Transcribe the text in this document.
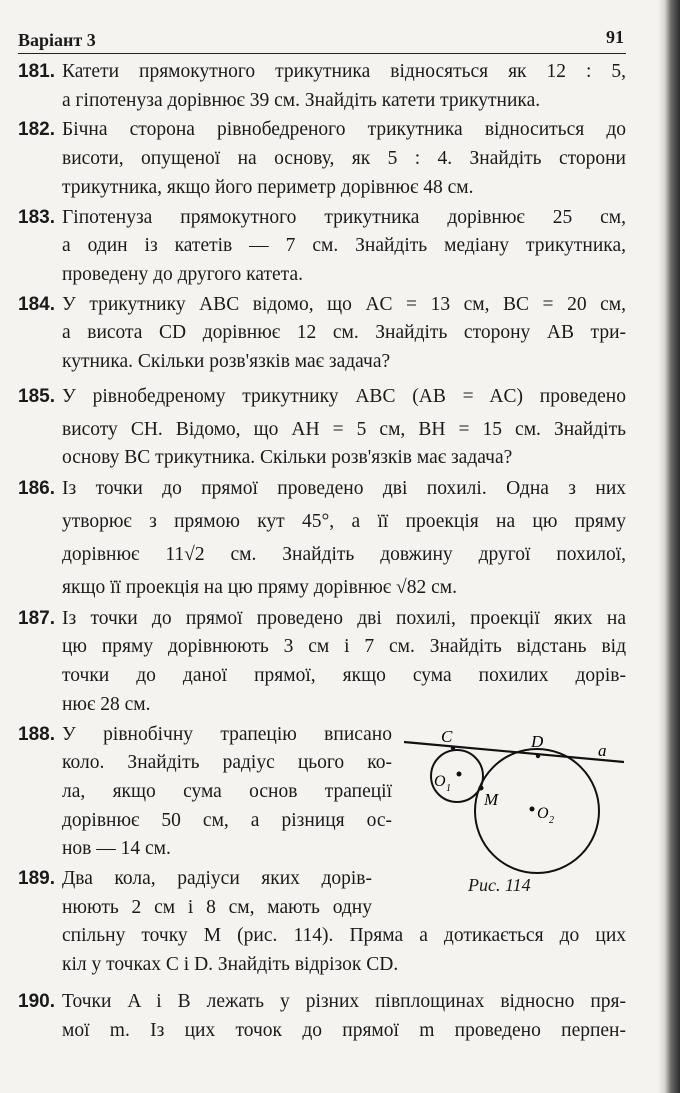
Варіант 3	91
181. Катети прямокутного трикутника відносяться як 12 : 5,
а гіпотенуза дорівнює 39 см. Знайдіть катети трикутника.
182. Бічна сторона рівнобедреного трикутника відноситься до
висоти, опущеної на основу, як 5 : 4. Знайдіть сторони
трикутника, якщо його периметр дорівнює 48 см.
183. Гіпотенуза прямокутного трикутника дорівнює 25 см,
а один із катетів — 7 см. Знайдіть медіану трикутника,
проведену до другого катета.
184. У трикутнику ABC відомо, що AC = 13 см, BC = 20 см,
а висота CD дорівнює 12 см. Знайдіть сторону AB три-
кутника. Скільки розв'язків має задача?
185. У рівнобедреному трикутнику ABC (AB = AC) проведено
висоту CH. Відомо, що AH = 5 см, BH = 15 см. Знайдіть
основу BC трикутника. Скільки розв'язків має задача?
186. Із точки до прямої проведено дві похилі. Одна з них
утворює з прямою кут 45°, а її проекція на цю пряму
дорівнює 11√2 см. Знайдіть довжину другої похилої,
якщо її проекція на цю пряму дорівнює √82 см.
187. Із точки до прямої проведено дві похилі, проекції яких на
цю пряму дорівнюють 3 см і 7 см. Знайдіть відстань від
точки до даної прямої, якщо сума похилих дорів-
нює 28 см.
188. У рівнобічну трапецію вписано
коло. Знайдіть радіус цього ко-
ла, якщо сума основ трапеції
дорівнює 50 см, а різниця ос-
нов — 14 см.
189. Два кола, радіуси яких дорів-
нюють 2 см і 8 см, мають одну
спільну точку M (рис. 114). Пряма a дотикається до цих
кіл у точках C і D. Знайдіть відрізок CD.
190. Точки A і B лежать у різних півплощинах відносно пря-
мої m. Із цих точок до прямої m проведено перпен-
C	D	a
O 1
M
O 2
Рис. 114
